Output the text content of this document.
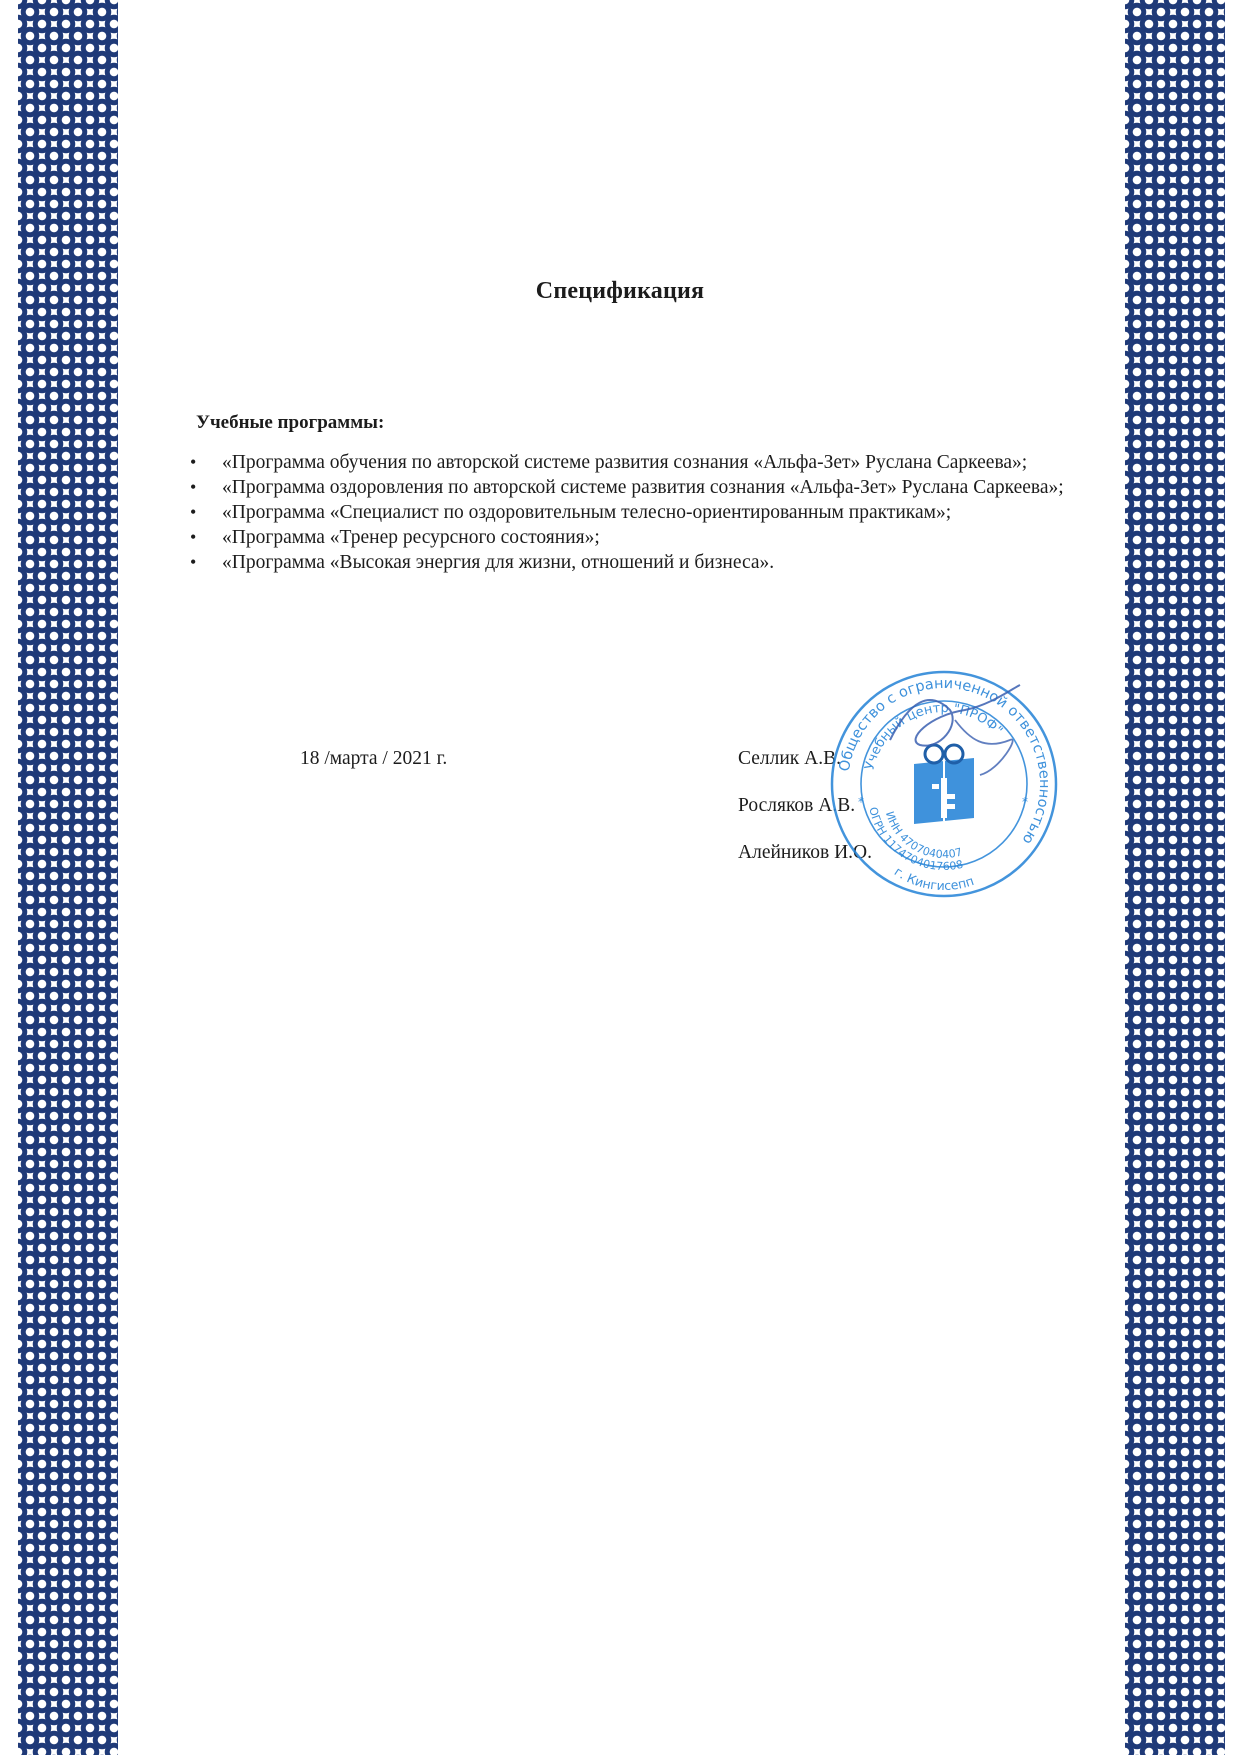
Спецификация
Учебные программы:
• «Программа обучения по авторской системе развития сознания «Альфа-Зет» Руслана Саркеева»;
• «Программа оздоровления по авторской системе развития сознания «Альфа-Зет» Руслана Саркеева»;
• «Программа «Специалист по оздоровительным телесно-ориентированным практикам»;
• «Программа «Тренер ресурсного состояния»;
• «Программа «Высокая энергия для жизни, отношений и бизнеса».
18 /марта / 2021 г.	Селлик А.В.
Росляков А.В.
Алейников И.О.
Общество с ограниченной ответственностью
Учебный центр "ПРОФ"
ИНН 4707040407
ОГРН 1174704017608
г. Кингисепп
*	*
